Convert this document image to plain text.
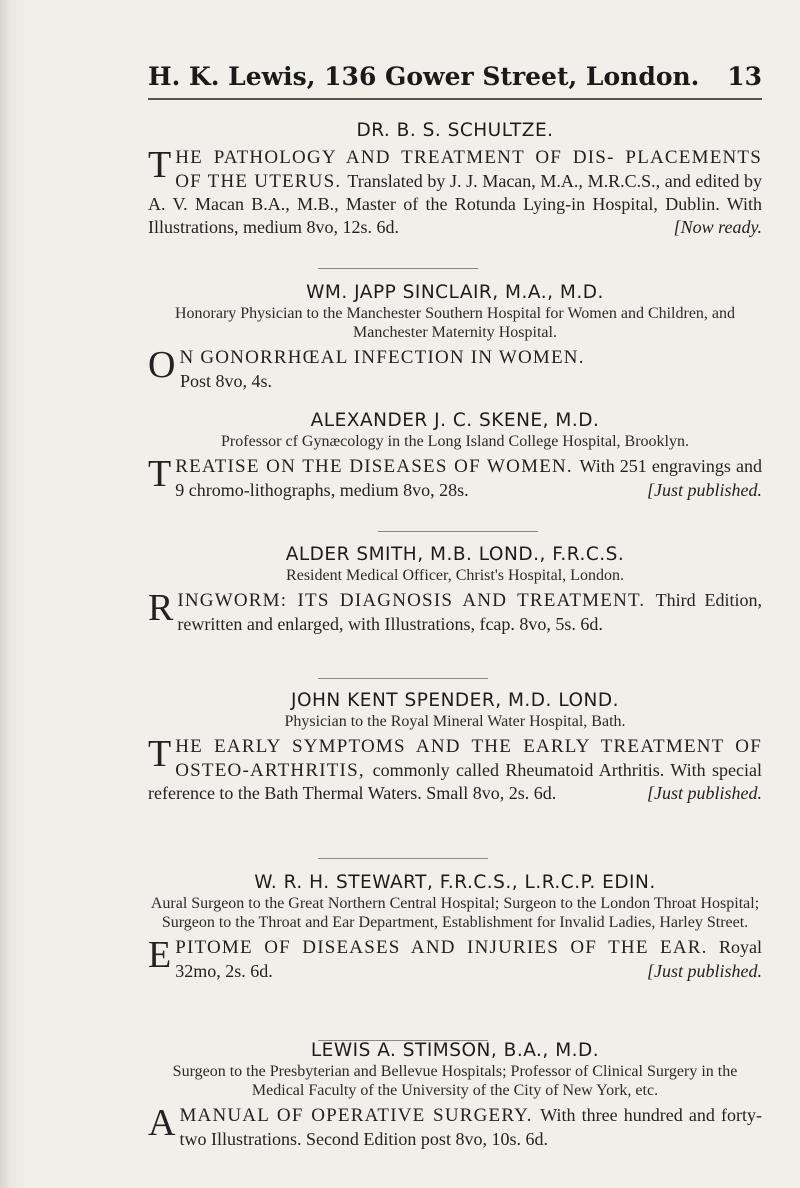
H. K. Lewis, 136 Gower Street, London. 13
DR. B. S. SCHULTZE.
T HE PATHOLOGY AND TREATMENT OF DIS- PLACEMENTS OF THE UTERUS. Translated by J. J. Macan, M.A., M.R.C.S., and edited by A. V. Macan B.A., M.B., Master of the Rotunda Lying-in Hospital, Dublin. With Illustrations, medium 8vo, 12s. 6d.	[Now ready.
WM. JAPP SINCLAIR, M.A., M.D.
Honorary Physician to the Manchester Southern Hospital for Women and Children, and Manchester Maternity Hospital.
O N GONORRHŒAL INFECTION IN WOMEN.
Post 8vo, 4s.
ALEXANDER J. C. SKENE, M.D.
Professor cf Gynæcology in the Long Island College Hospital, Brooklyn.
T REATISE ON THE DISEASES OF WOMEN. With 251 engravings and 9 chromo-lithographs, medium 8vo, 28s.	[Just published.
ALDER SMITH, M.B. LOND., F.R.C.S.
Resident Medical Officer, Christ's Hospital, London.
R INGWORM: ITS DIAGNOSIS AND TREATMENT. Third Edition, rewritten and enlarged, with Illustrations, fcap. 8vo, 5s. 6d.
JOHN KENT SPENDER, M.D. LOND.
Physician to the Royal Mineral Water Hospital, Bath.
T HE EARLY SYMPTOMS AND THE EARLY TREATMENT OF OSTEO-ARTHRITIS, commonly called Rheumatoid Arthritis. With special reference to the Bath Thermal Waters. Small 8vo, 2s. 6d.	[Just published.
W. R. H. STEWART, F.R.C.S., L.R.C.P. EDIN.
Aural Surgeon to the Great Northern Central Hospital; Surgeon to the London Throat Hospital; Surgeon to the Throat and Ear Department, Establishment for Invalid Ladies, Harley Street.
E PITOME OF DISEASES AND INJURIES OF THE EAR. Royal 32mo, 2s. 6d.	[Just published.
LEWIS A. STIMSON, B.A., M.D.
Surgeon to the Presbyterian and Bellevue Hospitals; Professor of Clinical Surgery in the Medical Faculty of the University of the City of New York, etc.
A MANUAL OF OPERATIVE SURGERY. With three hundred and forty-two Illustrations. Second Edition post 8vo, 10s. 6d.
